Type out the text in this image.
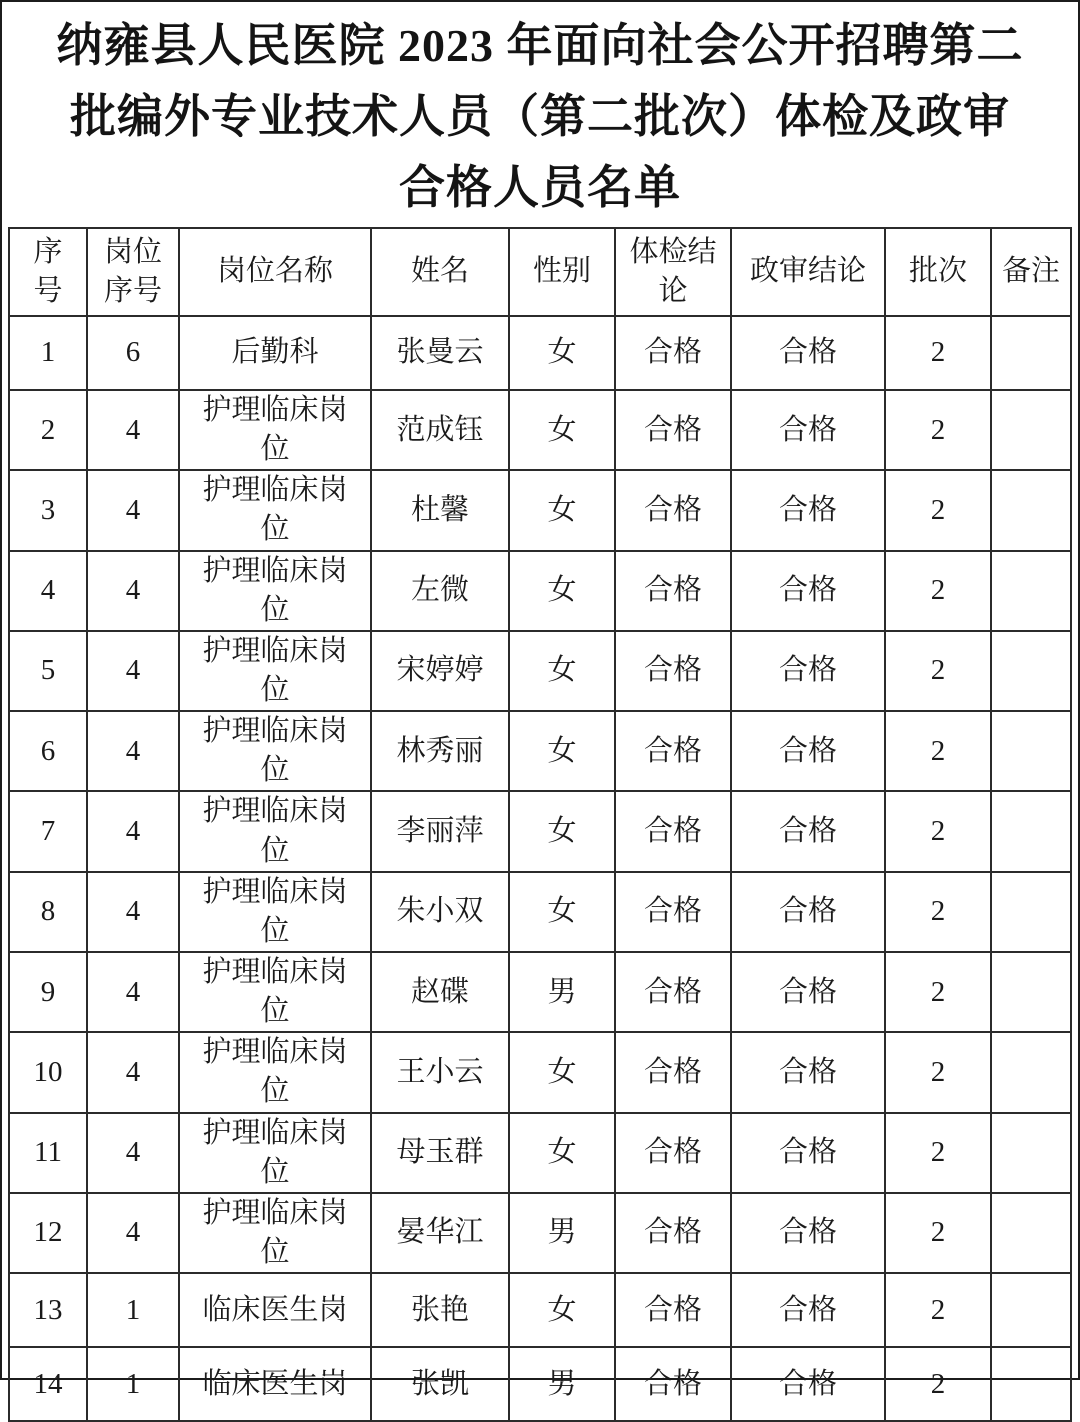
纳雍县人民医院 2023 年面向社会公开招聘第二
批编外专业技术人员（第二批次）体检及政审
合格人员名单
序号	岗位序号	岗位名称	姓名	性别	体检结论	政审结论	批次	备注
1	6	后勤科	张曼云	女	合格	合格	2	
2	4	护理临床岗位	范成钰	女	合格	合格	2	
3	4	护理临床岗位	杜馨	女	合格	合格	2	
4	4	护理临床岗位	左微	女	合格	合格	2	
5	4	护理临床岗位	宋婷婷	女	合格	合格	2	
6	4	护理临床岗位	林秀丽	女	合格	合格	2	
7	4	护理临床岗位	李丽萍	女	合格	合格	2	
8	4	护理临床岗位	朱小双	女	合格	合格	2	
9	4	护理临床岗位	赵碟	男	合格	合格	2	
10	4	护理临床岗位	王小云	女	合格	合格	2	
11	4	护理临床岗位	母玉群	女	合格	合格	2	
12	4	护理临床岗位	晏华江	男	合格	合格	2	
13	1	临床医生岗	张艳	女	合格	合格	2	
14	1	临床医生岗	张凯	男	合格	合格	2	
